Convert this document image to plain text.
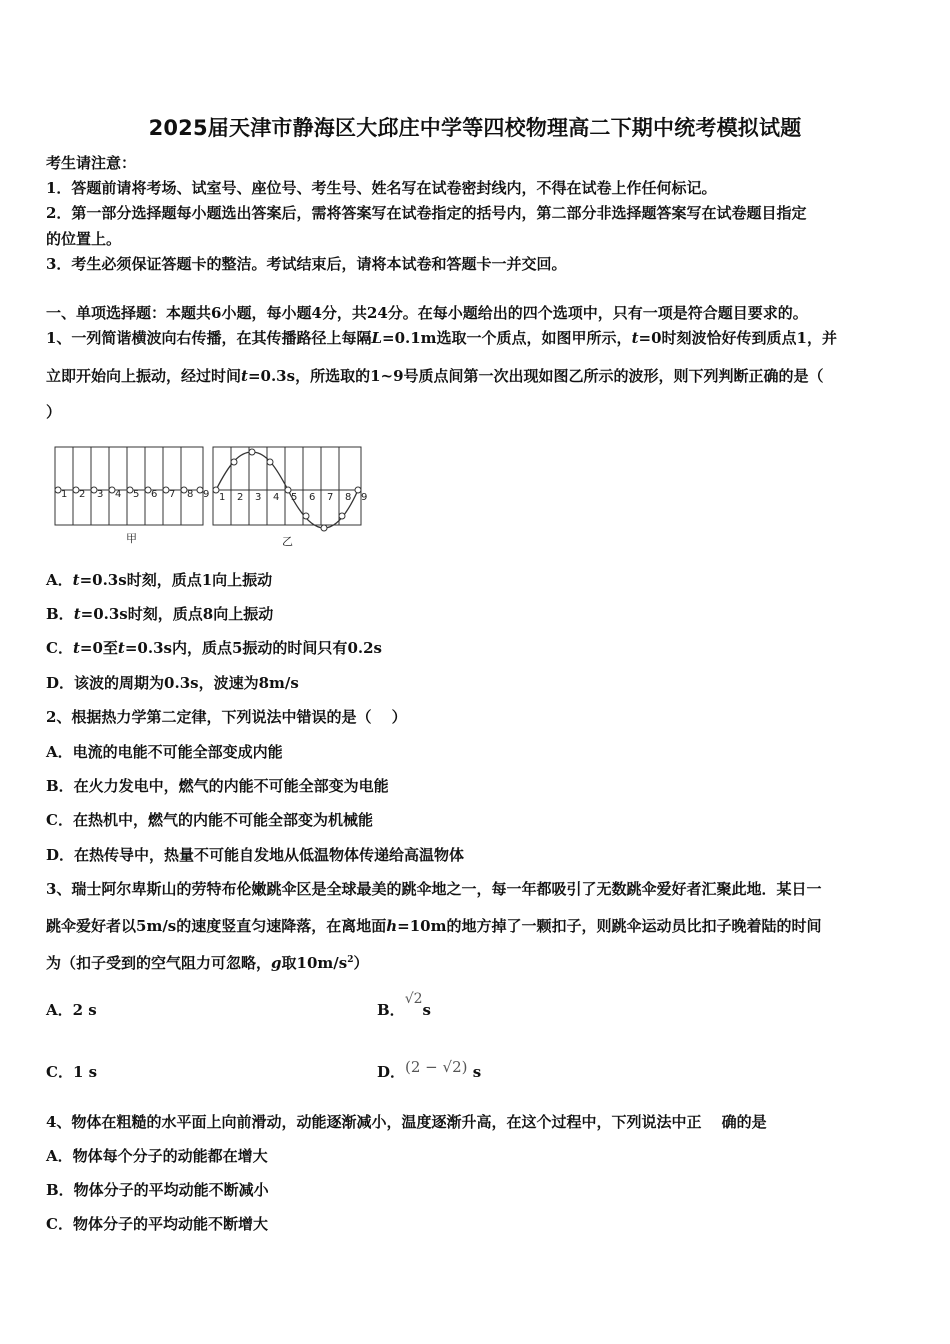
2025届天津市静海区大邱庄中学等四校物理高二下期中统考模拟试题
考生请注意：
1．答题前请将考场、试室号、座位号、考生号、姓名写在试卷密封线内，不得在试卷上作任何标记。
2．第一部分选择题每小题选出答案后，需将答案写在试卷指定的括号内，第二部分非选择题答案写在试卷题目指定
的位置上。
3．考生必须保证答题卡的整洁。考试结束后，请将本试卷和答题卡一并交回。
一、单项选择题：本题共6小题，每小题4分，共24分。在每小题给出的四个选项中，只有一项是符合题目要求的。
1、一列简谐横波向右传播，在其传播路径上每隔L=0.1m选取一个质点，如图甲所示，t=0时刻波恰好传到质点1，并
立即开始向上振动，经过时间t=0.3s，所选取的1~9号质点间第一次出现如图乙所示的波形，则下列判断正确的是（
）
1 2 3 4 5 6 7 8 9
甲
1 2 3 4 5 6 7 8 9
乙
A．t=0.3s时刻，质点1向上振动
B．t=0.3s时刻，质点8向上振动
C．t=0至t=0.3s内，质点5振动的时间只有0.2s
D．该波的周期为0.3s，波速为8m/s
2、根据热力学第二定律，下列说法中错误的是（　 ）
A．电流的电能不可能全部变成内能
B．在火力发电中，燃气的内能不可能全部变为电能
C．在热机中，燃气的内能不可能全部变为机械能
D．在热传导中，热量不可能自发地从低温物体传递给高温物体
3、瑞士阿尔卑斯山的劳特布伦嫩跳伞区是全球最美的跳伞地之一，每一年都吸引了无数跳伞爱好者汇聚此地．某日一
跳伞爱好者以5m/s的速度竖直匀速降落，在离地面h=10m的地方掉了一颗扣子，则跳伞运动员比扣子晚着陆的时间
为（扣子受到的空气阻力可忽略，g取$10m/s^2$）
A．2 s	B．√2s
C．1 s	D．(2 − √2) s
4、物体在粗糙的水平面上向前滑动，动能逐渐减小，温度逐渐升高，在这个过程中，下列说法中正　 确的是
A．物体每个分子的动能都在增大
B．物体分子的平均动能不断减小
C．物体分子的平均动能不断增大
